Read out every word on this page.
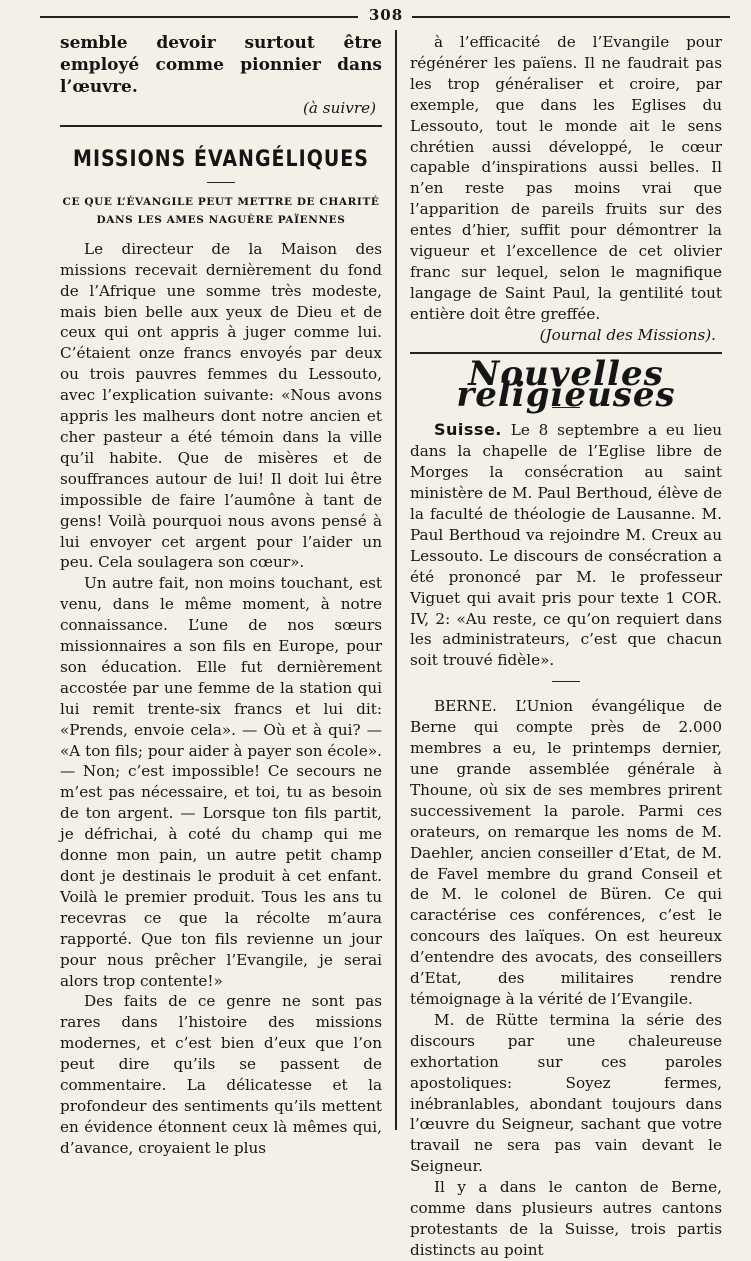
308

semble devoir surtout être employé comme pionnier dans l’œuvre.

(à suivre)

MISSIONS ÉVANGÉLIQUES
CE QUE L’ÉVANGILE PEUT METTRE DE CHARITÉ
DANS LES AMES NAGUÈRE PAÏENNES

Le directeur de la Maison des missions recevait dernièrement du fond de l’Afrique une somme très modeste, mais bien belle aux yeux de Dieu et de ceux qui ont appris à juger comme lui. C’étaient onze francs envoyés par deux ou trois pauvres femmes du Lessouto, avec l’explication suivante: «Nous avons appris les malheurs dont notre ancien et cher pasteur a été témoin dans la ville qu’il habite. Que de misères et de souffrances autour de lui! Il doit lui être impossible de faire l’aumône à tant de gens! Voilà pourquoi nous avons pensé à lui envoyer cet argent pour l’aider un peu. Cela soulagera son cœur».

Un autre fait, non moins touchant, est venu, dans le même moment, à notre connaissance. L’une de nos sœurs missionnaires a son fils en Europe, pour son éducation. Elle fut dernièrement accostée par une femme de la station qui lui remit trente-six francs et lui dit: «Prends, envoie cela». — Où et à qui? — «A ton fils; pour aider à payer son école». — Non; c’est impossible! Ce secours ne m’est pas nécessaire, et toi, tu as besoin de ton argent. — Lorsque ton fils partit, je défrichai, à coté du champ qui me donne mon pain, un autre petit champ dont je destinais le produit à cet enfant. Voilà le premier produit. Tous les ans tu recevras ce que la récolte m’aura rapporté. Que ton fils revienne un jour pour nous prêcher l’Evangile, je serai alors trop contente!»

Des faits de ce genre ne sont pas rares dans l’histoire des missions modernes, et c’est bien d’eux que l’on peut dire qu’ils se passent de commentaire. La délicatesse et la profondeur des sentiments qu’ils mettent en évidence étonnent ceux là mêmes qui, d’avance, croyaient le plus

à l’efficacité de l’Evangile pour régénérer les païens. Il ne faudrait pas les trop généraliser et croire, par exemple, que dans les Eglises du Lessouto, tout le monde ait le sens chrétien aussi développé, le cœur capable d’inspirations aussi belles. Il n’en reste pas moins vrai que l’apparition de pareils fruits sur des entes d’hier, suffit pour démontrer la vigueur et l’excellence de cet olivier franc sur lequel, selon le magnifique langage de Saint Paul, la gentilité tout entière doit être greffée.

(Journal des Missions).

Nouvelles religieuses

Suisse. Le 8 septembre a eu lieu dans la chapelle de l’Eglise libre de Morges la consécration au saint ministère de M. Paul Berthoud, élève de la faculté de théologie de Lausanne. M. Paul Berthoud va rejoindre M. Creux au Lessouto. Le discours de consécration a été prononcé par M. le professeur Viguet qui avait pris pour texte 1 COR. IV, 2: «Au reste, ce qu’on requiert dans les administrateurs, c’est que chacun soit trouvé fidèle».

BERNE. L’Union évangélique de Berne qui compte près de 2.000 membres a eu, le printemps dernier, une grande assemblée générale à Thoune, où six de ses membres prirent successivement la parole. Parmi ces orateurs, on remarque les noms de M. Daehler, ancien conseiller d’Etat, de M. de Favel membre du grand Conseil et de M. le colonel de Büren. Ce qui caractérise ces conférences, c’est le concours des laïques. On est heureux d’entendre des avocats, des conseillers d’Etat, des militaires rendre témoignage à la vérité de l’Evangile.

M. de Rütte termina la série des discours par une chaleureuse exhortation sur ces paroles apostoliques: Soyez fermes, inébranlables, abondant toujours dans l’œuvre du Seigneur, sachant que votre travail ne sera pas vain devant le Seigneur.

Il y a dans le canton de Berne, comme dans plusieurs autres cantons protestants de la Suisse, trois partis distincts au point
